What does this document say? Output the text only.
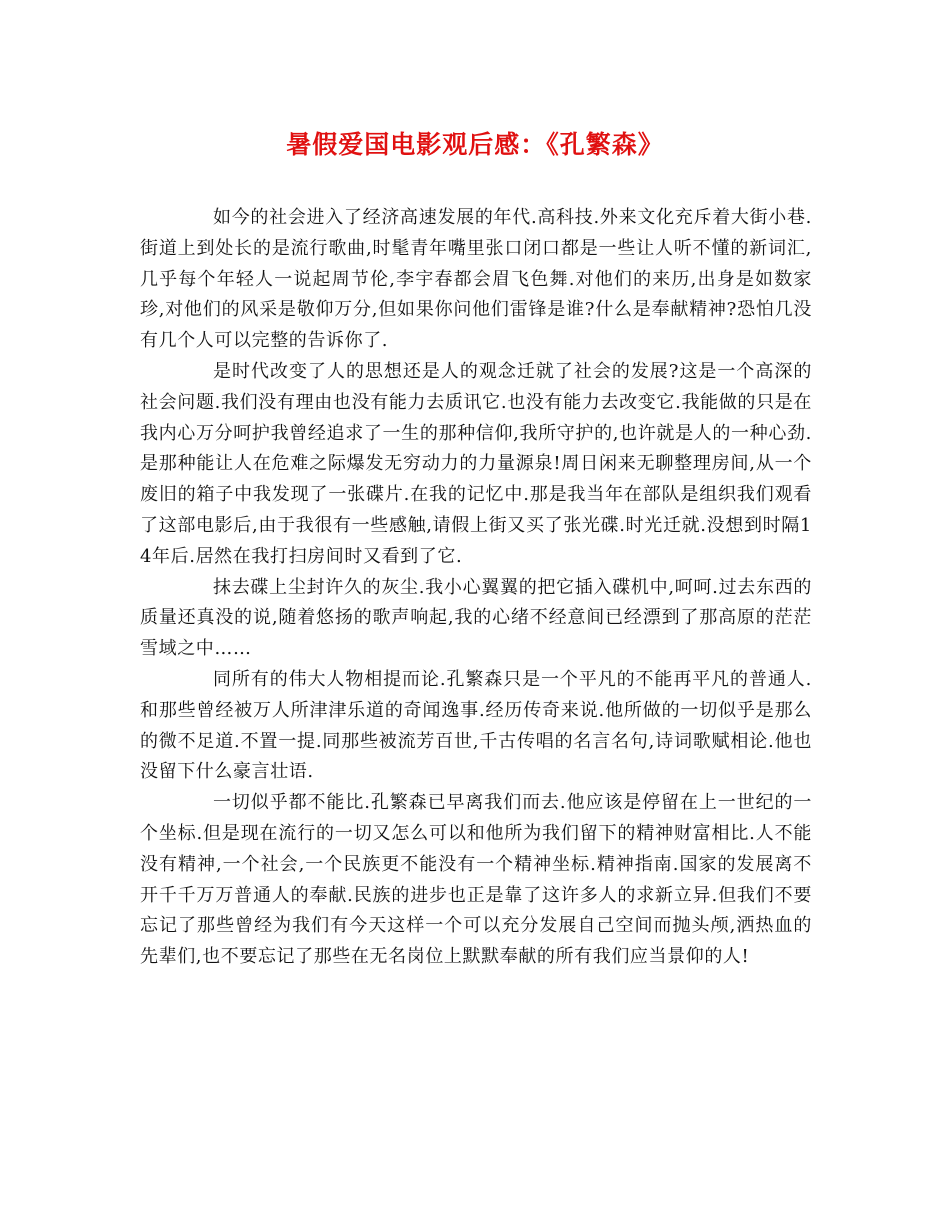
暑假爱国电影观后感：《孔繁森》

如今的社会进入了经济高速发展的年代.高科技.外来文化充斥着大街小巷.街道上到处长的是流行歌曲,时髦青年嘴里张口闭口都是一些让人听不懂的新词汇,几乎每个年轻人一说起周节伦,李宇春都会眉飞色舞.对他们的来历,出身是如数家珍,对他们的风采是敬仰万分,但如果你问他们雷锋是谁?什么是奉献精神?恐怕几没有几个人可以完整的告诉你了.

是时代改变了人的思想还是人的观念迁就了社会的发展?这是一个高深的社会问题.我们没有理由也没有能力去质讯它.也没有能力去改变它.我能做的只是在我内心万分呵护我曾经追求了一生的那种信仰,我所守护的,也许就是人的一种心劲.是那种能让人在危难之际爆发无穷动力的力量源泉!周日闲来无聊整理房间,从一个废旧的箱子中我发现了一张碟片.在我的记忆中.那是我当年在部队是组织我们观看了这部电影后,由于我很有一些感触,请假上街又买了张光碟.时光迁就.没想到时隔14年后.居然在我打扫房间时又看到了它.

抹去碟上尘封许久的灰尘.我小心翼翼的把它插入碟机中,呵呵.过去东西的质量还真没的说,随着悠扬的歌声响起,我的心绪不经意间已经漂到了那高原的茫茫雪域之中……

同所有的伟大人物相提而论.孔繁森只是一个平凡的不能再平凡的普通人.和那些曾经被万人所津津乐道的奇闻逸事.经历传奇来说.他所做的一切似乎是那么的微不足道.不置一提.同那些被流芳百世,千古传唱的名言名句,诗词歌赋相论.他也没留下什么豪言壮语.

一切似乎都不能比.孔繁森已早离我们而去.他应该是停留在上一世纪的一个坐标.但是现在流行的一切又怎么可以和他所为我们留下的精神财富相比.人不能没有精神,一个社会,一个民族更不能没有一个精神坐标.精神指南.国家的发展离不开千千万万普通人的奉献.民族的进步也正是靠了这许多人的求新立异.但我们不要忘记了那些曾经为我们有今天这样一个可以充分发展自己空间而抛头颅,洒热血的先辈们,也不要忘记了那些在无名岗位上默默奉献的所有我们应当景仰的人!
